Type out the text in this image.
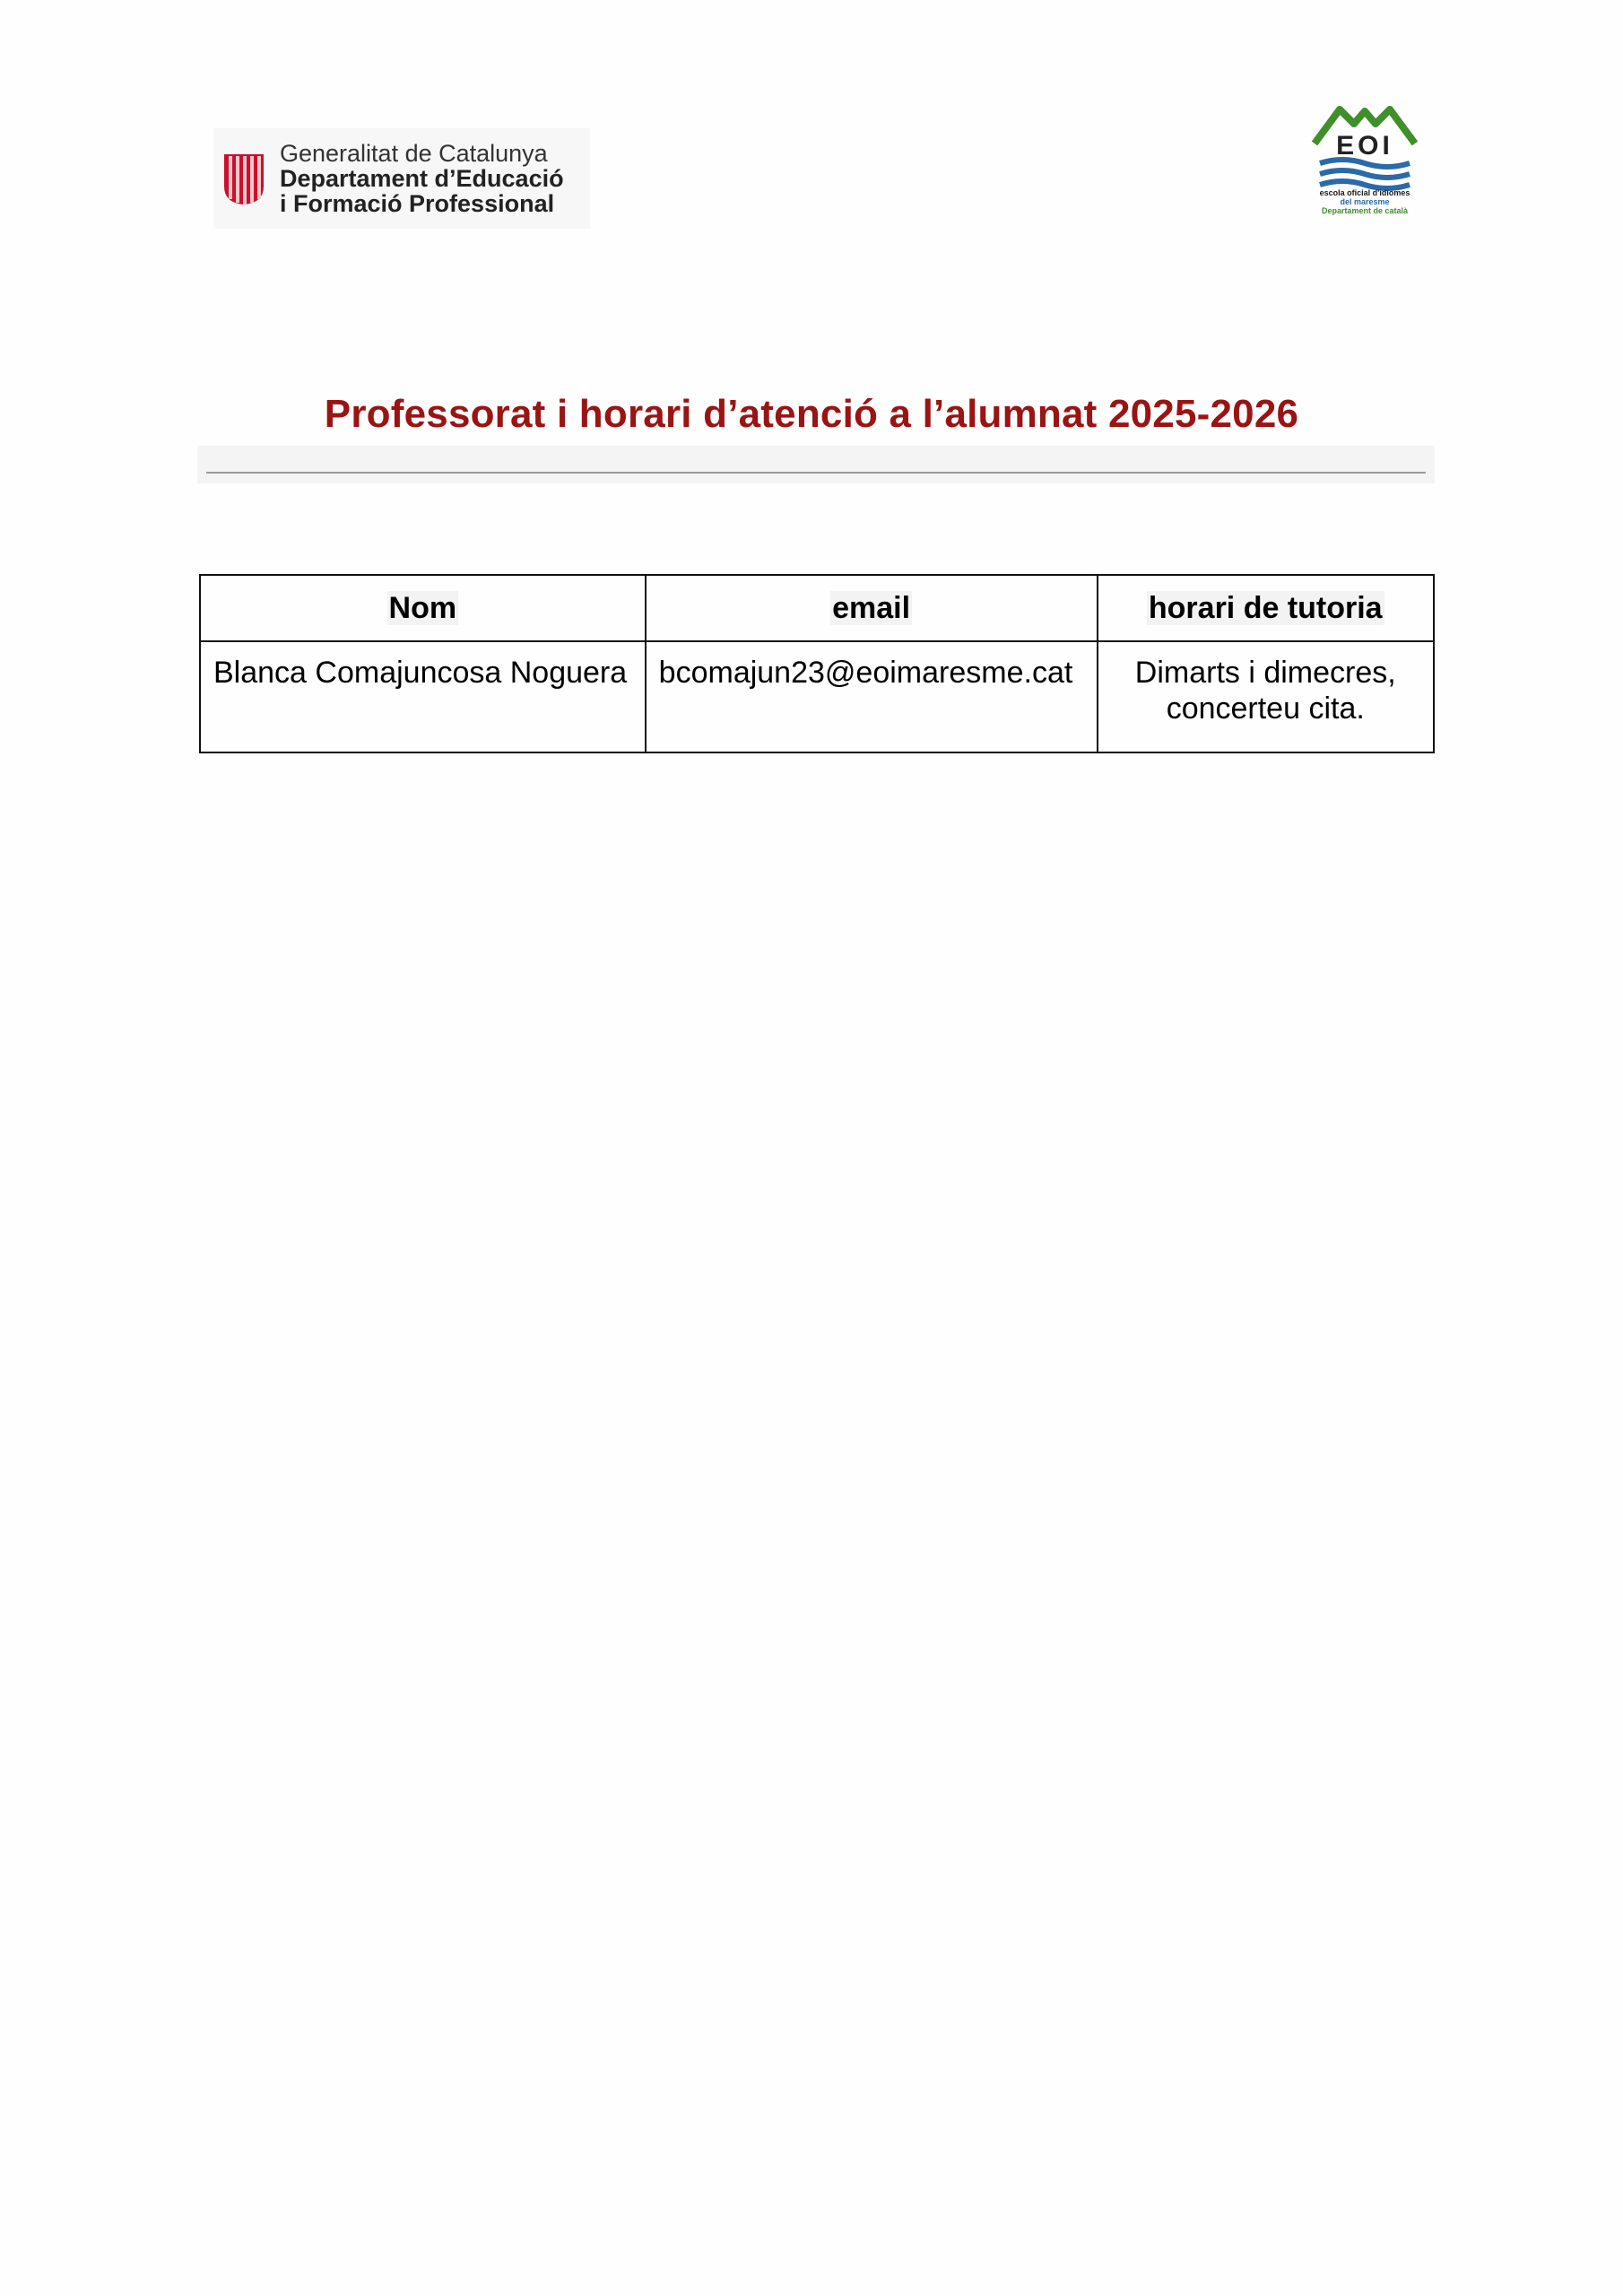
Generalitat de Catalunya
Departament d’Educació
i Formació Professional
EOI
escola oficial d'idiomes
del maresme
Departament de català
Professorat i horari d’atenció a l’alumnat 2025-2026
Nom	email	horari de tutoria
Blanca Comajuncosa Noguera	bcomajun23@eoimaresme.cat	Dimarts i dimecres,
concerteu cita.
